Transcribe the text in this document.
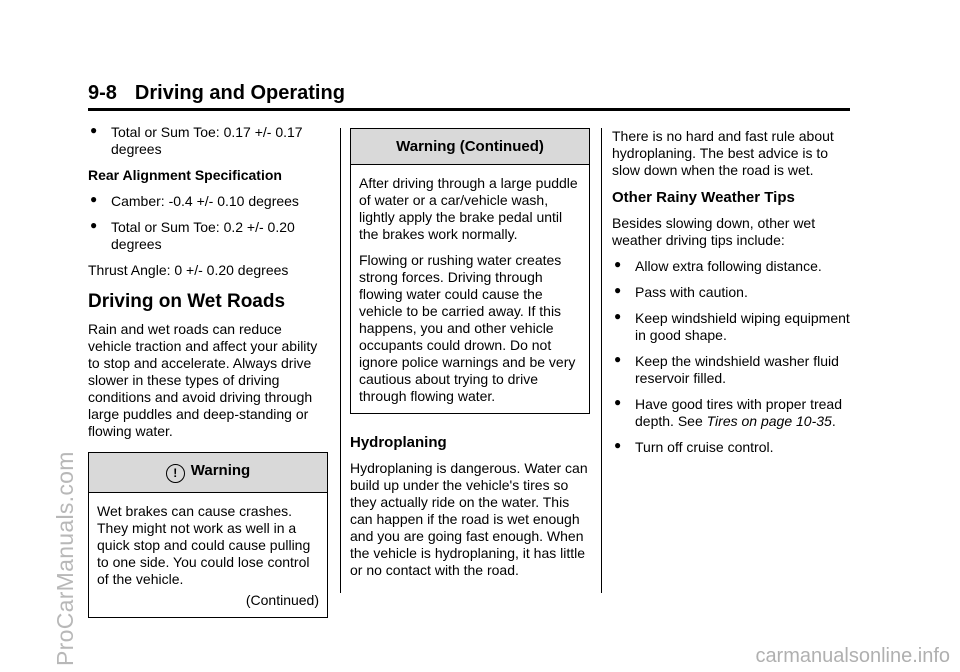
9-8 Driving and Operating
ProCarManuals.com	carmanualsonline.info
● Total or Sum Toe: 0.17 +/- 0.17 degrees
Rear Alignment Specification
● Camber: -0.4 +/- 0.10 degrees
● Total or Sum Toe: 0.2 +/- 0.20 degrees
Thrust Angle: 0 +/- 0.20 degrees
Driving on Wet Roads
Rain and wet roads can reduce vehicle traction and affect your ability to stop and accelerate. Always drive slower in these types of driving conditions and avoid driving through large puddles and deep-standing or flowing water.
! Warning
Wet brakes can cause crashes. They might not work as well in a quick stop and could cause pulling to one side. You could lose control of the vehicle.
(Continued)
Warning (Continued)
After driving through a large puddle of water or a car/vehicle wash, lightly apply the brake pedal until the brakes work normally.
Flowing or rushing water creates strong forces. Driving through flowing water could cause the vehicle to be carried away. If this happens, you and other vehicle occupants could drown. Do not ignore police warnings and be very cautious about trying to drive through flowing water.
Hydroplaning
Hydroplaning is dangerous. Water can build up under the vehicle's tires so they actually ride on the water. This can happen if the road is wet enough and you are going fast enough. When the vehicle is hydroplaning, it has little or no contact with the road.
There is no hard and fast rule about hydroplaning. The best advice is to slow down when the road is wet.
Other Rainy Weather Tips
Besides slowing down, other wet weather driving tips include:
● Allow extra following distance.
● Pass with caution.
● Keep windshield wiping equipment in good shape.
● Keep the windshield washer fluid reservoir filled.
● Have good tires with proper tread depth. See Tires on page 10-35.
● Turn off cruise control.
